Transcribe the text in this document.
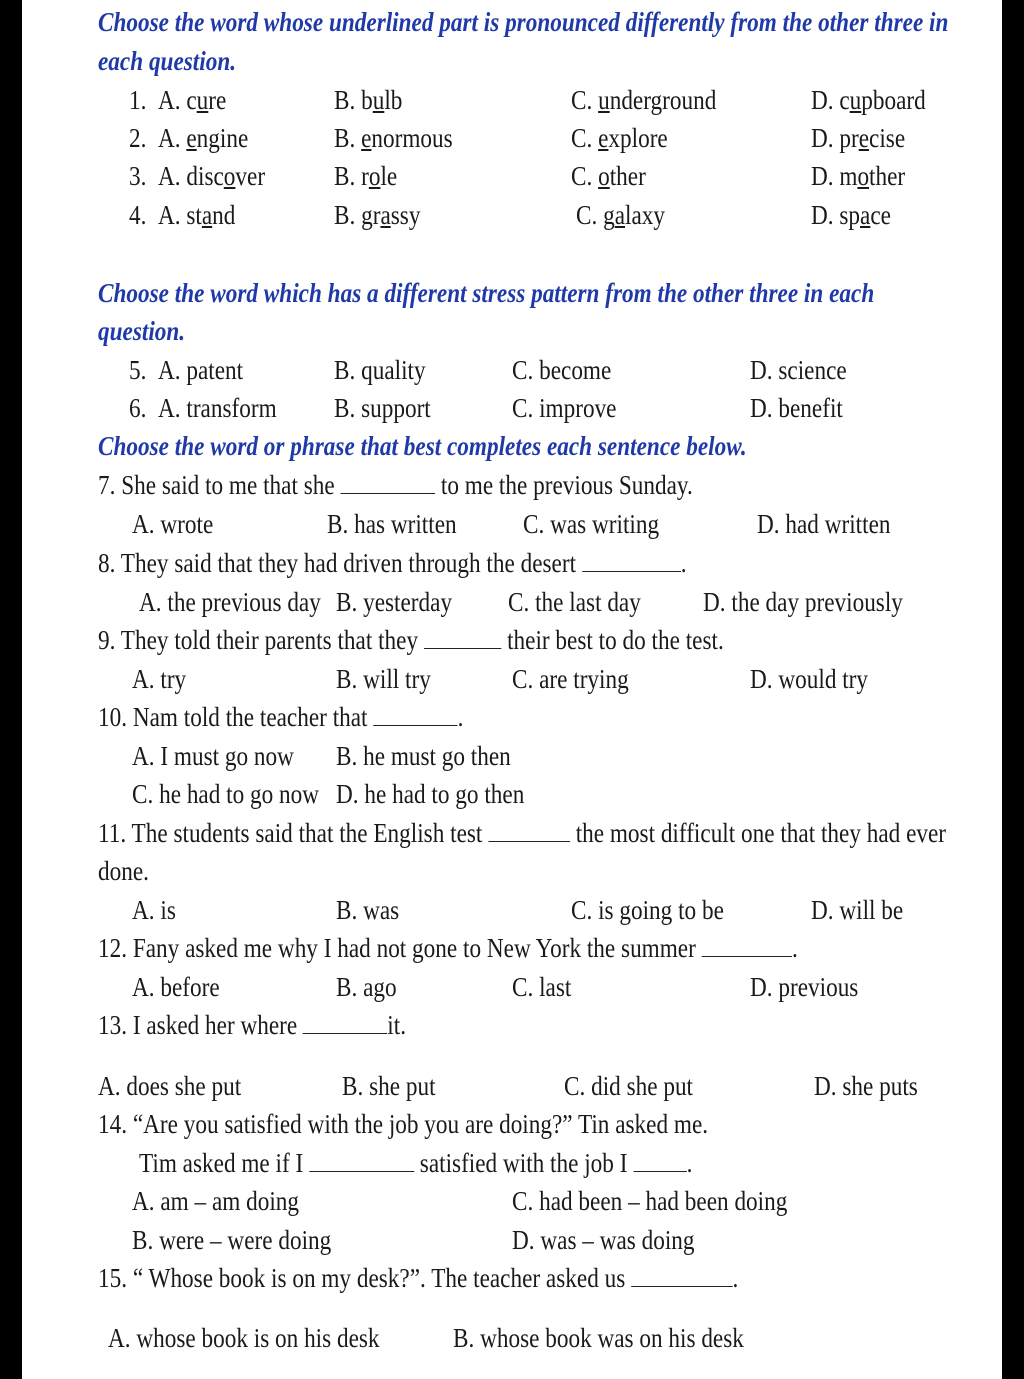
Choose the word whose underlined part is pronounced differently from the other three in
each question.
1. A. cure	B. bulb	C. underground	D. cupboard
2. A. engine	B. enormous	C. explore	D. precise
3. A. discover	B. role	C. other	D. mother
4. A. stand	B. grassy	C. galaxy	D. space
Choose the word which has a different stress pattern from the other three in each
question.
5. A. patent	B. quality	C. become	D. science
6. A. transform B. support	C. improve	D. benefit
Choose the word or phrase that best completes each sentence below.
7. She said to me that she	to me the previous Sunday.
A. wrote	B. has written C. was writing	D. had written
8. They said that they had driven through the desert	.
A. the previous day B. yesterday C. the last day D. the day previously
9. They told their parents that they	their best to do the test.
A. try	B. will try	C. are trying	D. would try
10. Nam told the teacher that	.
A. I must go now B. he must go then
C. he had to go now D. he had to go then
11. The students said that the English test	the most difficult one that they had ever
done.
A. is	B. was	C. is going to be	D. will be
12. Fany asked me why I had not gone to New York the summer	.
A. before	B. ago	C. last	D. previous
13. I asked her where	it.
A. does she put	B. she put	C. did she put	D. she puts
14. “Are you satisfied with the job you are doing?” Tin asked me.
Tim asked me if I	satisfied with the job I .
A. am – am doing	C. had been – had been doing
B. were – were doing	D. was – was doing
15. “ Whose book is on my desk?”. The teacher asked us	.
A. whose book is on his desk	B. whose book was on his desk
